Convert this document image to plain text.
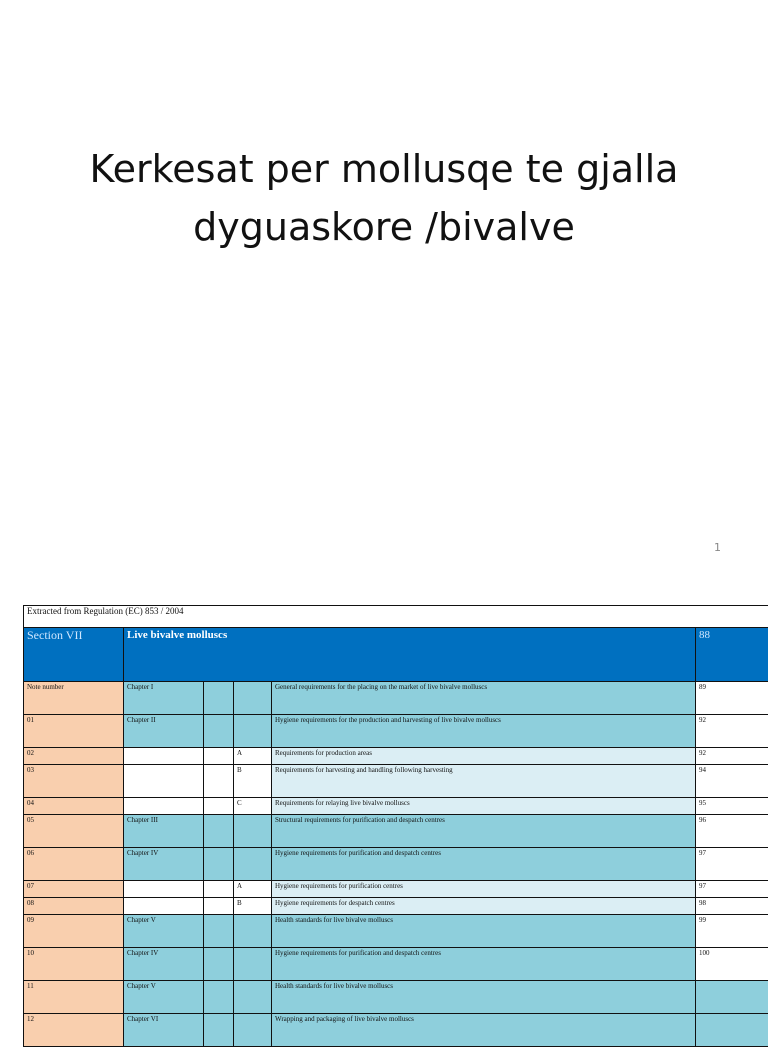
Kerkesat per mollusqe te gjalla
dyguaskore /bivalve
1
Extracted from Regulation (EC) 853 / 2004					
Section VII	Live bivalve molluscs				88
Note number	Chapter I			General requirements for the placing on the market of live bivalve molluscs	89
01	Chapter II			Hygiene requirements for the production and harvesting of live bivalve molluscs	92
02			A	Requirements for production areas	92
03			B	Requirements for harvesting and handling following harvesting	94
04			C	Requirements for relaying live bivalve molluscs	95
05	Chapter III			Structural requirements for purification and despatch centres	96
06	Chapter IV			Hygiene requirements for purification and despatch centres	97
07			A	Hygiene requirements for purification centres	97
08			B	Hygiene requirements for despatch centres	98
09	Chapter V			Health standards for live bivalve molluscs	99
10	Chapter IV			Hygiene requirements for purification and despatch centres	100
11	Chapter V			Health standards for live bivalve molluscs	
12	Chapter VI			Wrapping and packaging of live bivalve molluscs	
